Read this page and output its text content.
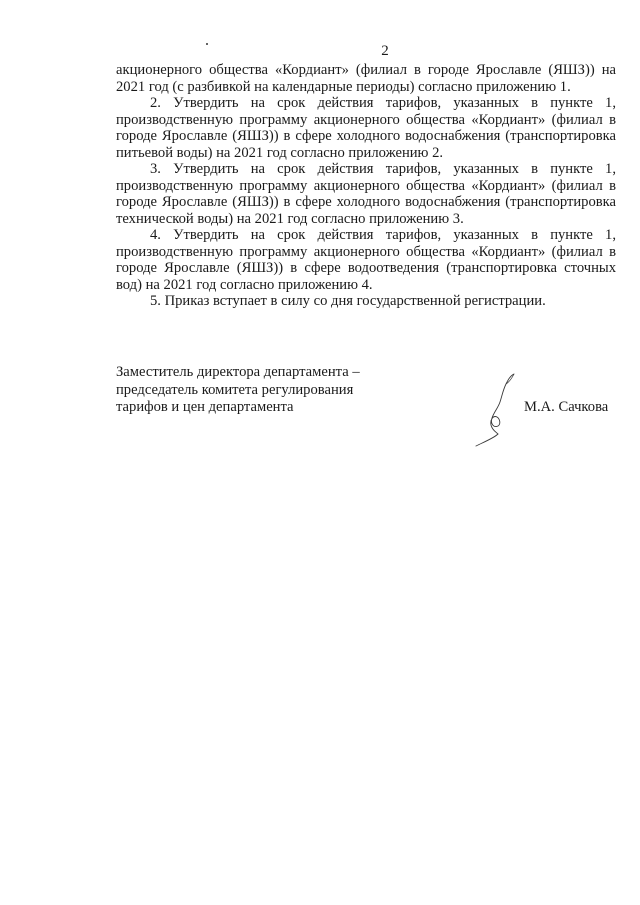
2

акционерного общества «Кордиант» (филиал в городе Ярославле (ЯШЗ)) на 2021 год (с разбивкой на календарные периоды) согласно приложению 1.

2. Утвердить на срок действия тарифов, указанных в пункте 1, производственную программу акционерного общества «Кордиант» (филиал в городе Ярославле (ЯШЗ)) в сфере холодного водоснабжения (транспортировка питьевой воды) на 2021 год согласно приложению 2.

3. Утвердить на срок действия тарифов, указанных в пункте 1, производственную программу акционерного общества «Кордиант» (филиал в городе Ярославле (ЯШЗ)) в сфере холодного водоснабжения (транспортировка технической воды) на 2021 год согласно приложению 3.

4. Утвердить на срок действия тарифов, указанных в пункте 1, производственную программу акционерного общества «Кордиант» (филиал в городе Ярославле (ЯШЗ)) в сфере водоотведения (транспортировка сточных вод) на 2021 год согласно приложению 4.

5. Приказ вступает в силу со дня государственной регистрации.

Заместитель директора департамента –
председатель комитета регулирования
тарифов и цен департамента	М.А. Сачкова
